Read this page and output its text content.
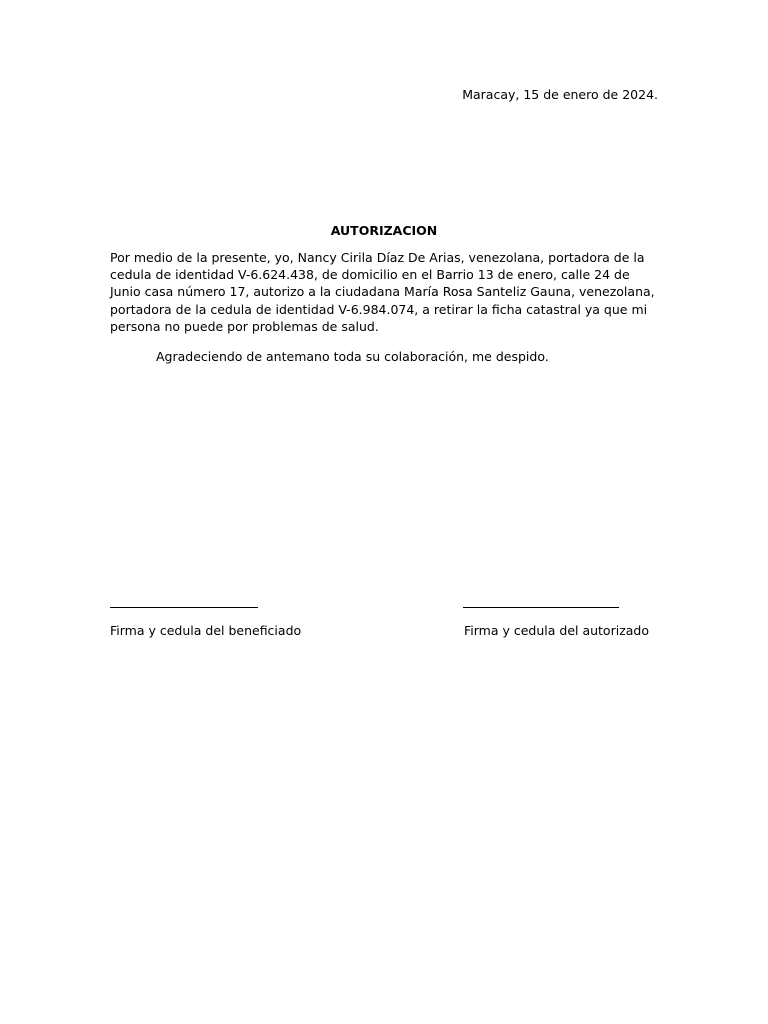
Maracay, 15 de enero de 2024.
AUTORIZACION

Por medio de la presente, yo, Nancy Cirila Díaz De Arias, venezolana, portadora de la cedula de identidad V-6.624.438, de domicilio en el Barrio 13 de enero, calle 24 de Junio casa número 17, autorizo a la ciudadana María Rosa Santeliz Gauna, venezolana, portadora de la cedula de identidad V-6.984.074, a retirar la ficha catastral ya que mi persona no puede por problemas de salud.

Agradeciendo de antemano toda su colaboración, me despido.

Firma y cedula del beneficiado	Firma y cedula del autorizado
